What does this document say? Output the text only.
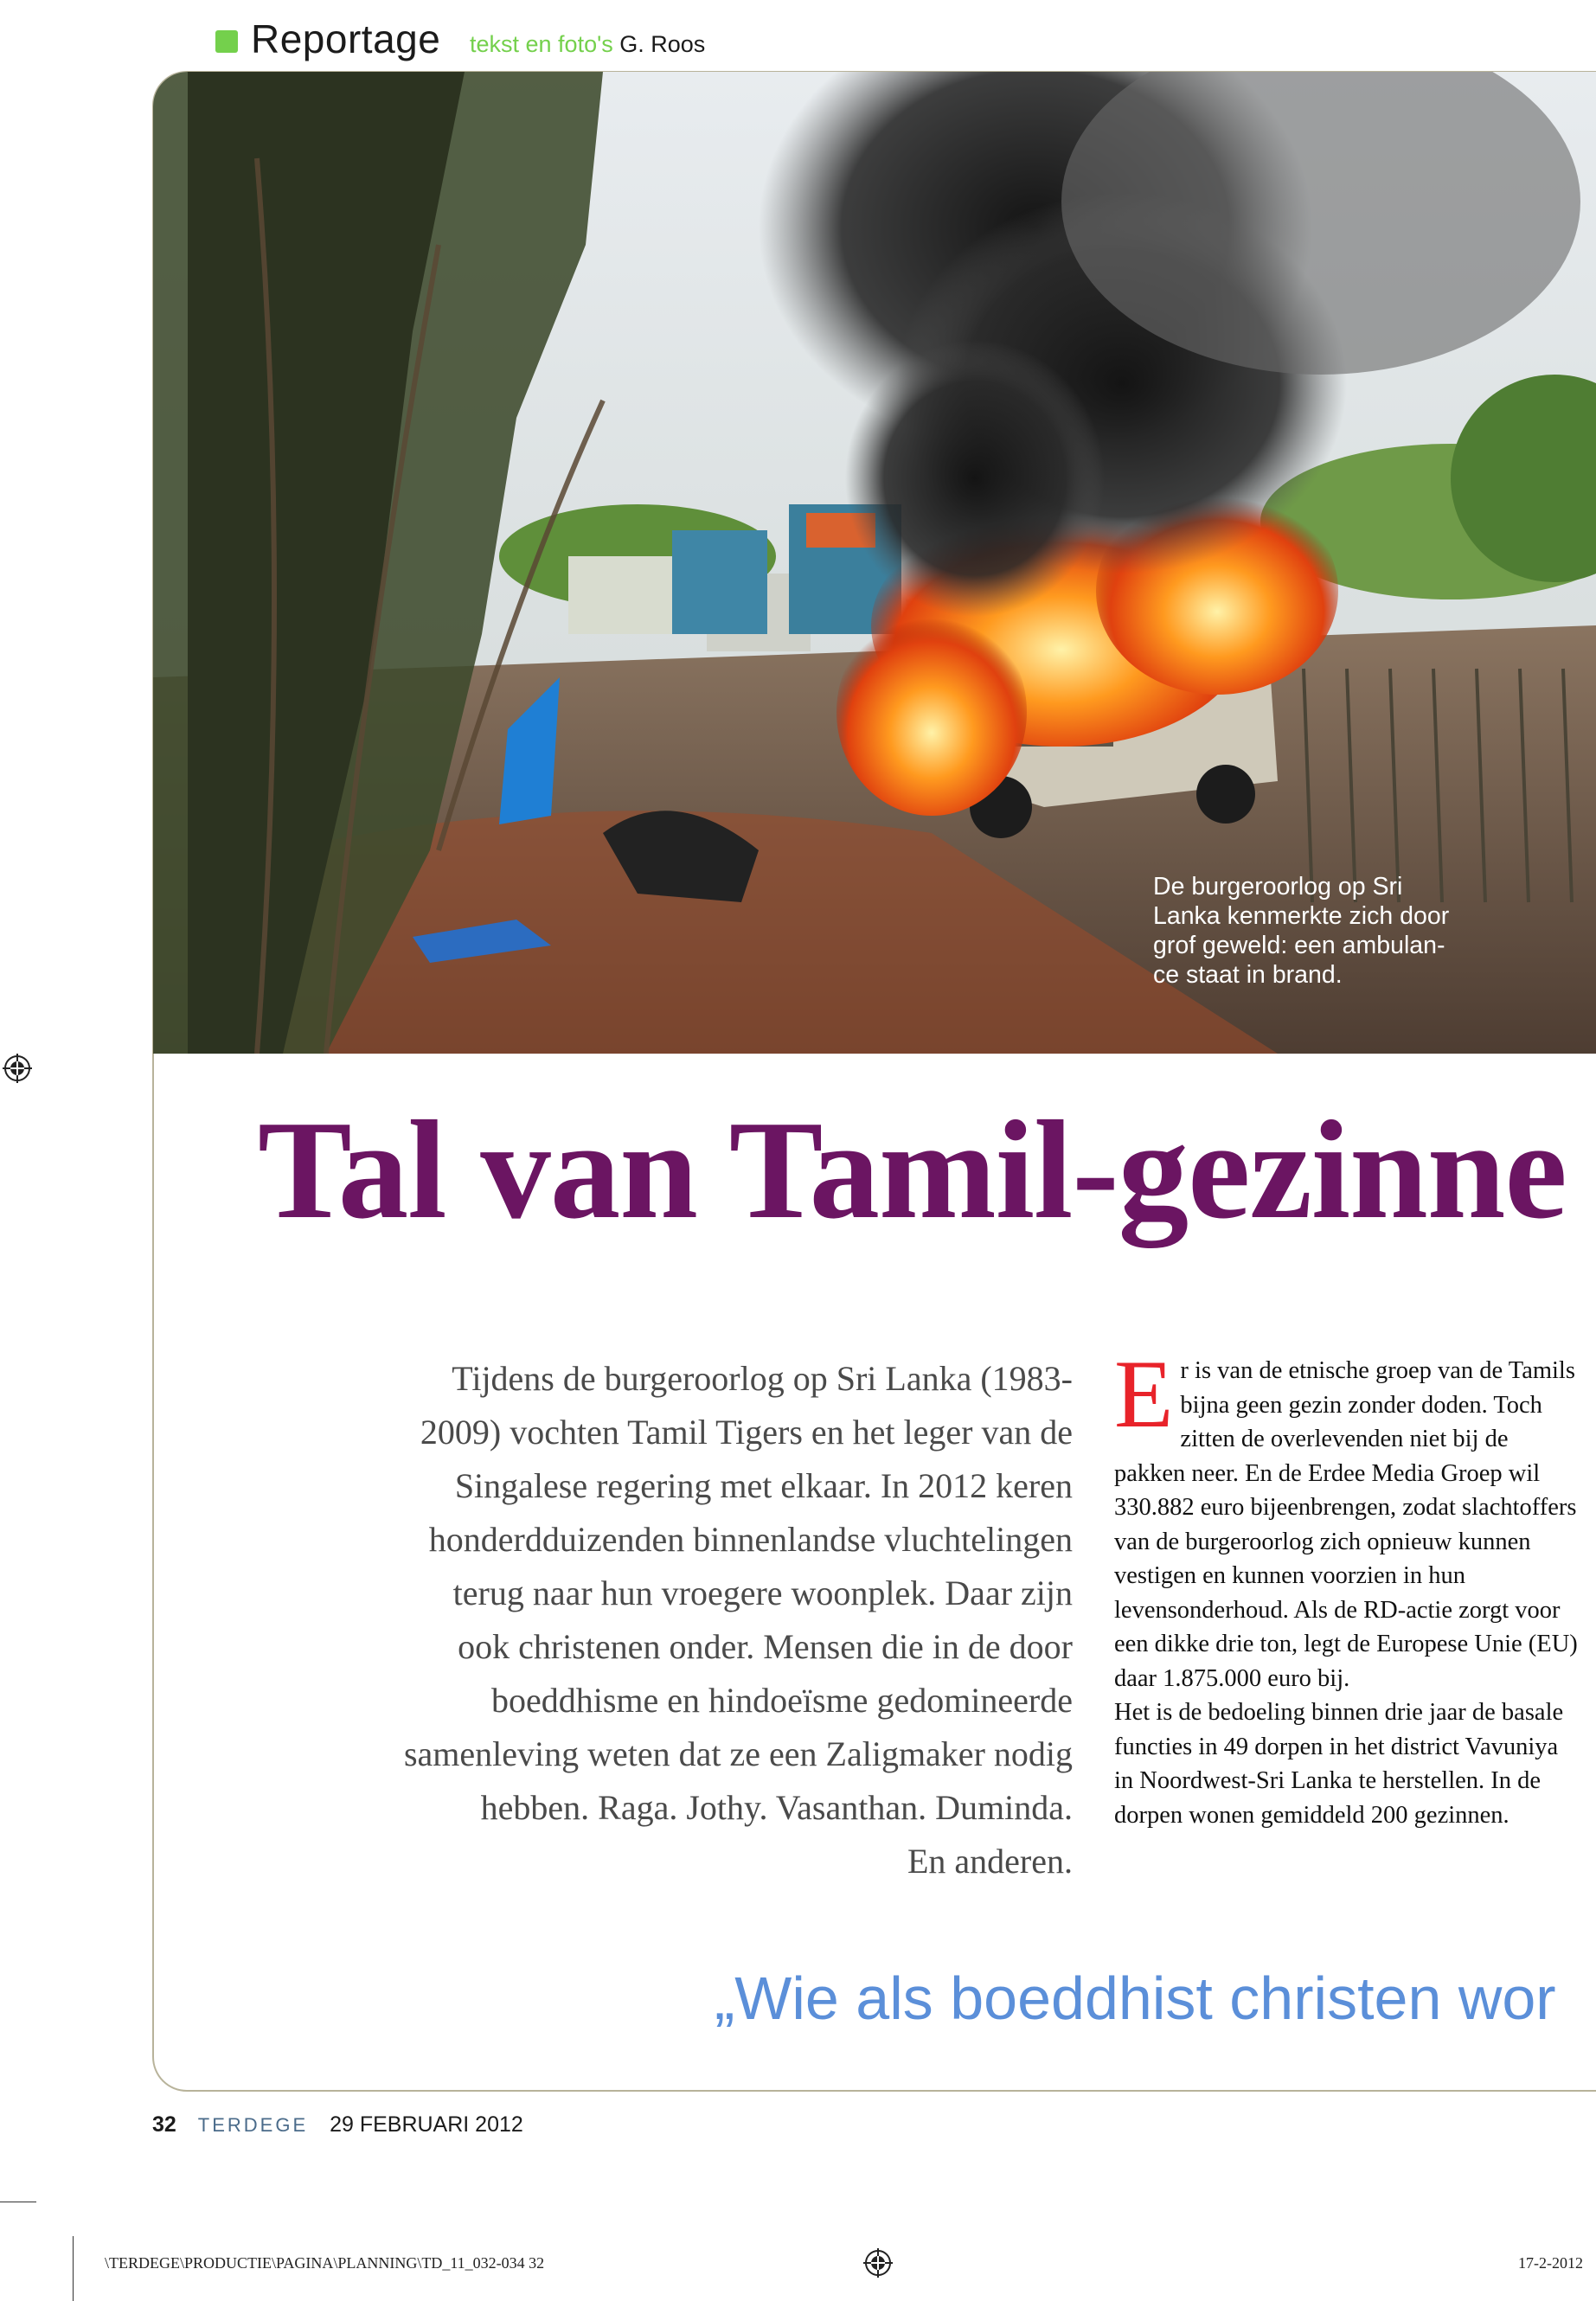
Reportage tekst en foto's G. Roos
De burgeroorlog op Sri
Lanka kenmerkte zich door
grof geweld: een ambulan-
ce staat in brand.
Tal van Tamil-gezinne
Tijdens de burgeroorlog op Sri Lanka (1983-
2009) vochten Tamil Tigers en het leger van de
Singalese regering met elkaar. In 2012 keren
honderdduizenden binnenlandse vluchtelingen
terug naar hun vroegere woonplek. Daar zijn
ook christenen onder. Mensen die in de door
boeddhisme en hindoeïsme gedomineerde
samenleving weten dat ze een Zaligmaker nodig
hebben. Raga. Jothy. Vasanthan. Duminda.
En anderen.
E r is van de etnische groep van de Tamils bijna geen gezin zonder doden. Toch zitten de overlevenden niet bij de pakken neer. En de Erdee Media Groep wil 330.882 euro bijeenbrengen, zodat slachtoffers van de burgeroorlog zich opnieuw kunnen vestigen en kunnen voorzien in hun levensonderhoud. Als de RD-actie zorgt voor een dikke drie ton, legt de Europese Unie (EU) daar 1.875.000 euro bij.

Het is de bedoeling binnen drie jaar de basale functies in 49 dorpen in het district Vavuniya in Noordwest-Sri Lanka te herstellen. In de dorpen wonen gemiddeld 200 gezinnen.

„Wie als boeddhist christen wor
32 TERDEGE 29 FEBRUARI 2012
\TERDEGE\PRODUCTIE\PAGINA\PLANNING\TD_11_032-034 32	17-2-2012
